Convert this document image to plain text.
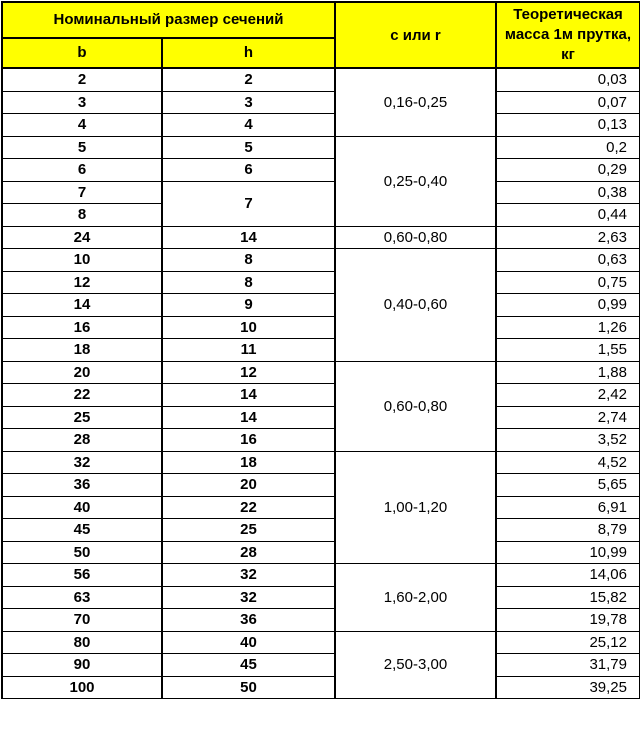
Номинальный размер сечений		c или r	Теоретическая масса 1м прутка, кг
b	h		
2	2	0,16-0,25	0,03
3	3		0,07
4	4		0,13
5	5	0,25-0,40	0,2
6	6		0,29
7	7		0,38
8			0,44
24	14	0,60-0,80	2,63
10	8	0,40-0,60	0,63
12	8		0,75
14	9		0,99
16	10		1,26
18	11		1,55
20	12	0,60-0,80	1,88
22	14		2,42
25	14		2,74
28	16		3,52
32	18	1,00-1,20	4,52
36	20		5,65
40	22		6,91
45	25		8,79
50	28		10,99
56	32	1,60-2,00	14,06
63	32		15,82
70	36		19,78
80	40	2,50-3,00	25,12
90	45		31,79
100	50		39,25
